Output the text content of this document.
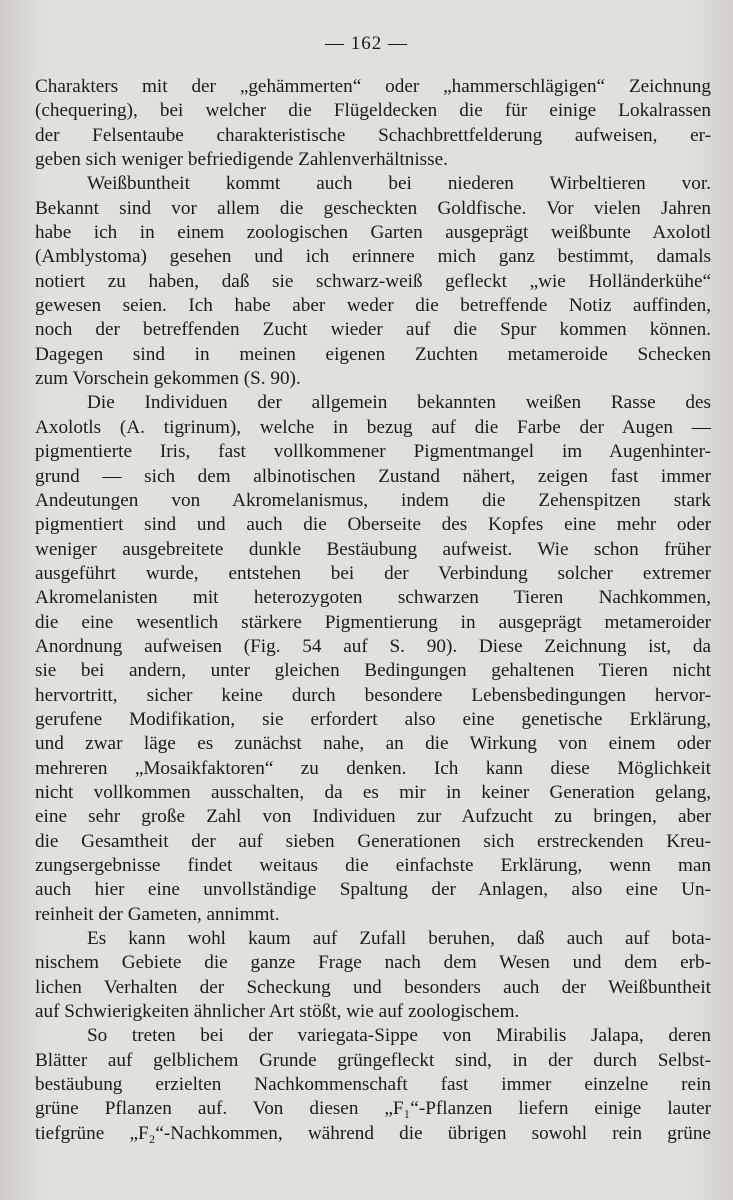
— 162 —
Charakters mit der „gehämmerten“ oder „hammerschlägigen“ Zeichnung
(chequering), bei welcher die Flügeldecken die für einige Lokalrassen
der Felsentaube charakteristische Schachbrettfelderung aufweisen, er-
geben sich weniger befriedigende Zahlenverhältnisse.
Weißbuntheit kommt auch bei niederen Wirbeltieren vor.
Bekannt sind vor allem die gescheckten Goldfische. Vor vielen Jahren
habe ich in einem zoologischen Garten ausgeprägt weißbunte Axolotl
(Amblystoma) gesehen und ich erinnere mich ganz bestimmt, damals
notiert zu haben, daß sie schwarz-weiß gefleckt „wie Holländerkühe“
gewesen seien. Ich habe aber weder die betreffende Notiz auffinden,
noch der betreffenden Zucht wieder auf die Spur kommen können.
Dagegen sind in meinen eigenen Zuchten metameroide Schecken
zum Vorschein gekommen (S. 90).
Die Individuen der allgemein bekannten weißen Rasse des
Axolotls (A. tigrinum), welche in bezug auf die Farbe der Augen —
pigmentierte Iris, fast vollkommener Pigmentmangel im Augenhinter-
grund — sich dem albinotischen Zustand nähert, zeigen fast immer
Andeutungen von Akromelanismus, indem die Zehenspitzen stark
pigmentiert sind und auch die Oberseite des Kopfes eine mehr oder
weniger ausgebreitete dunkle Bestäubung aufweist. Wie schon früher
ausgeführt wurde, entstehen bei der Verbindung solcher extremer
Akromelanisten mit heterozygoten schwarzen Tieren Nachkommen,
die eine wesentlich stärkere Pigmentierung in ausgeprägt metameroider
Anordnung aufweisen (Fig. 54 auf S. 90). Diese Zeichnung ist, da
sie bei andern, unter gleichen Bedingungen gehaltenen Tieren nicht
hervortritt, sicher keine durch besondere Lebensbedingungen hervor-
gerufene Modifikation, sie erfordert also eine genetische Erklärung,
und zwar läge es zunächst nahe, an die Wirkung von einem oder
mehreren „Mosaikfaktoren“ zu denken. Ich kann diese Möglichkeit
nicht vollkommen ausschalten, da es mir in keiner Generation gelang,
eine sehr große Zahl von Individuen zur Aufzucht zu bringen, aber
die Gesamtheit der auf sieben Generationen sich erstreckenden Kreu-
zungsergebnisse findet weitaus die einfachste Erklärung, wenn man
auch hier eine unvollständige Spaltung der Anlagen, also eine Un-
reinheit der Gameten, annimmt.
Es kann wohl kaum auf Zufall beruhen, daß auch auf bota-
nischem Gebiete die ganze Frage nach dem Wesen und dem erb-
lichen Verhalten der Scheckung und besonders auch der Weißbuntheit
auf Schwierigkeiten ähnlicher Art stößt, wie auf zoologischem.
So treten bei der variegata-Sippe von Mirabilis Jalapa, deren
Blätter auf gelblichem Grunde grüngefleckt sind, in der durch Selbst-
bestäubung erzielten Nachkommenschaft fast immer einzelne rein
grüne Pflanzen auf. Von diesen „F₁“-Pflanzen liefern einige lauter
tiefgrüne „F₂“-Nachkommen, während die übrigen sowohl rein grüne
